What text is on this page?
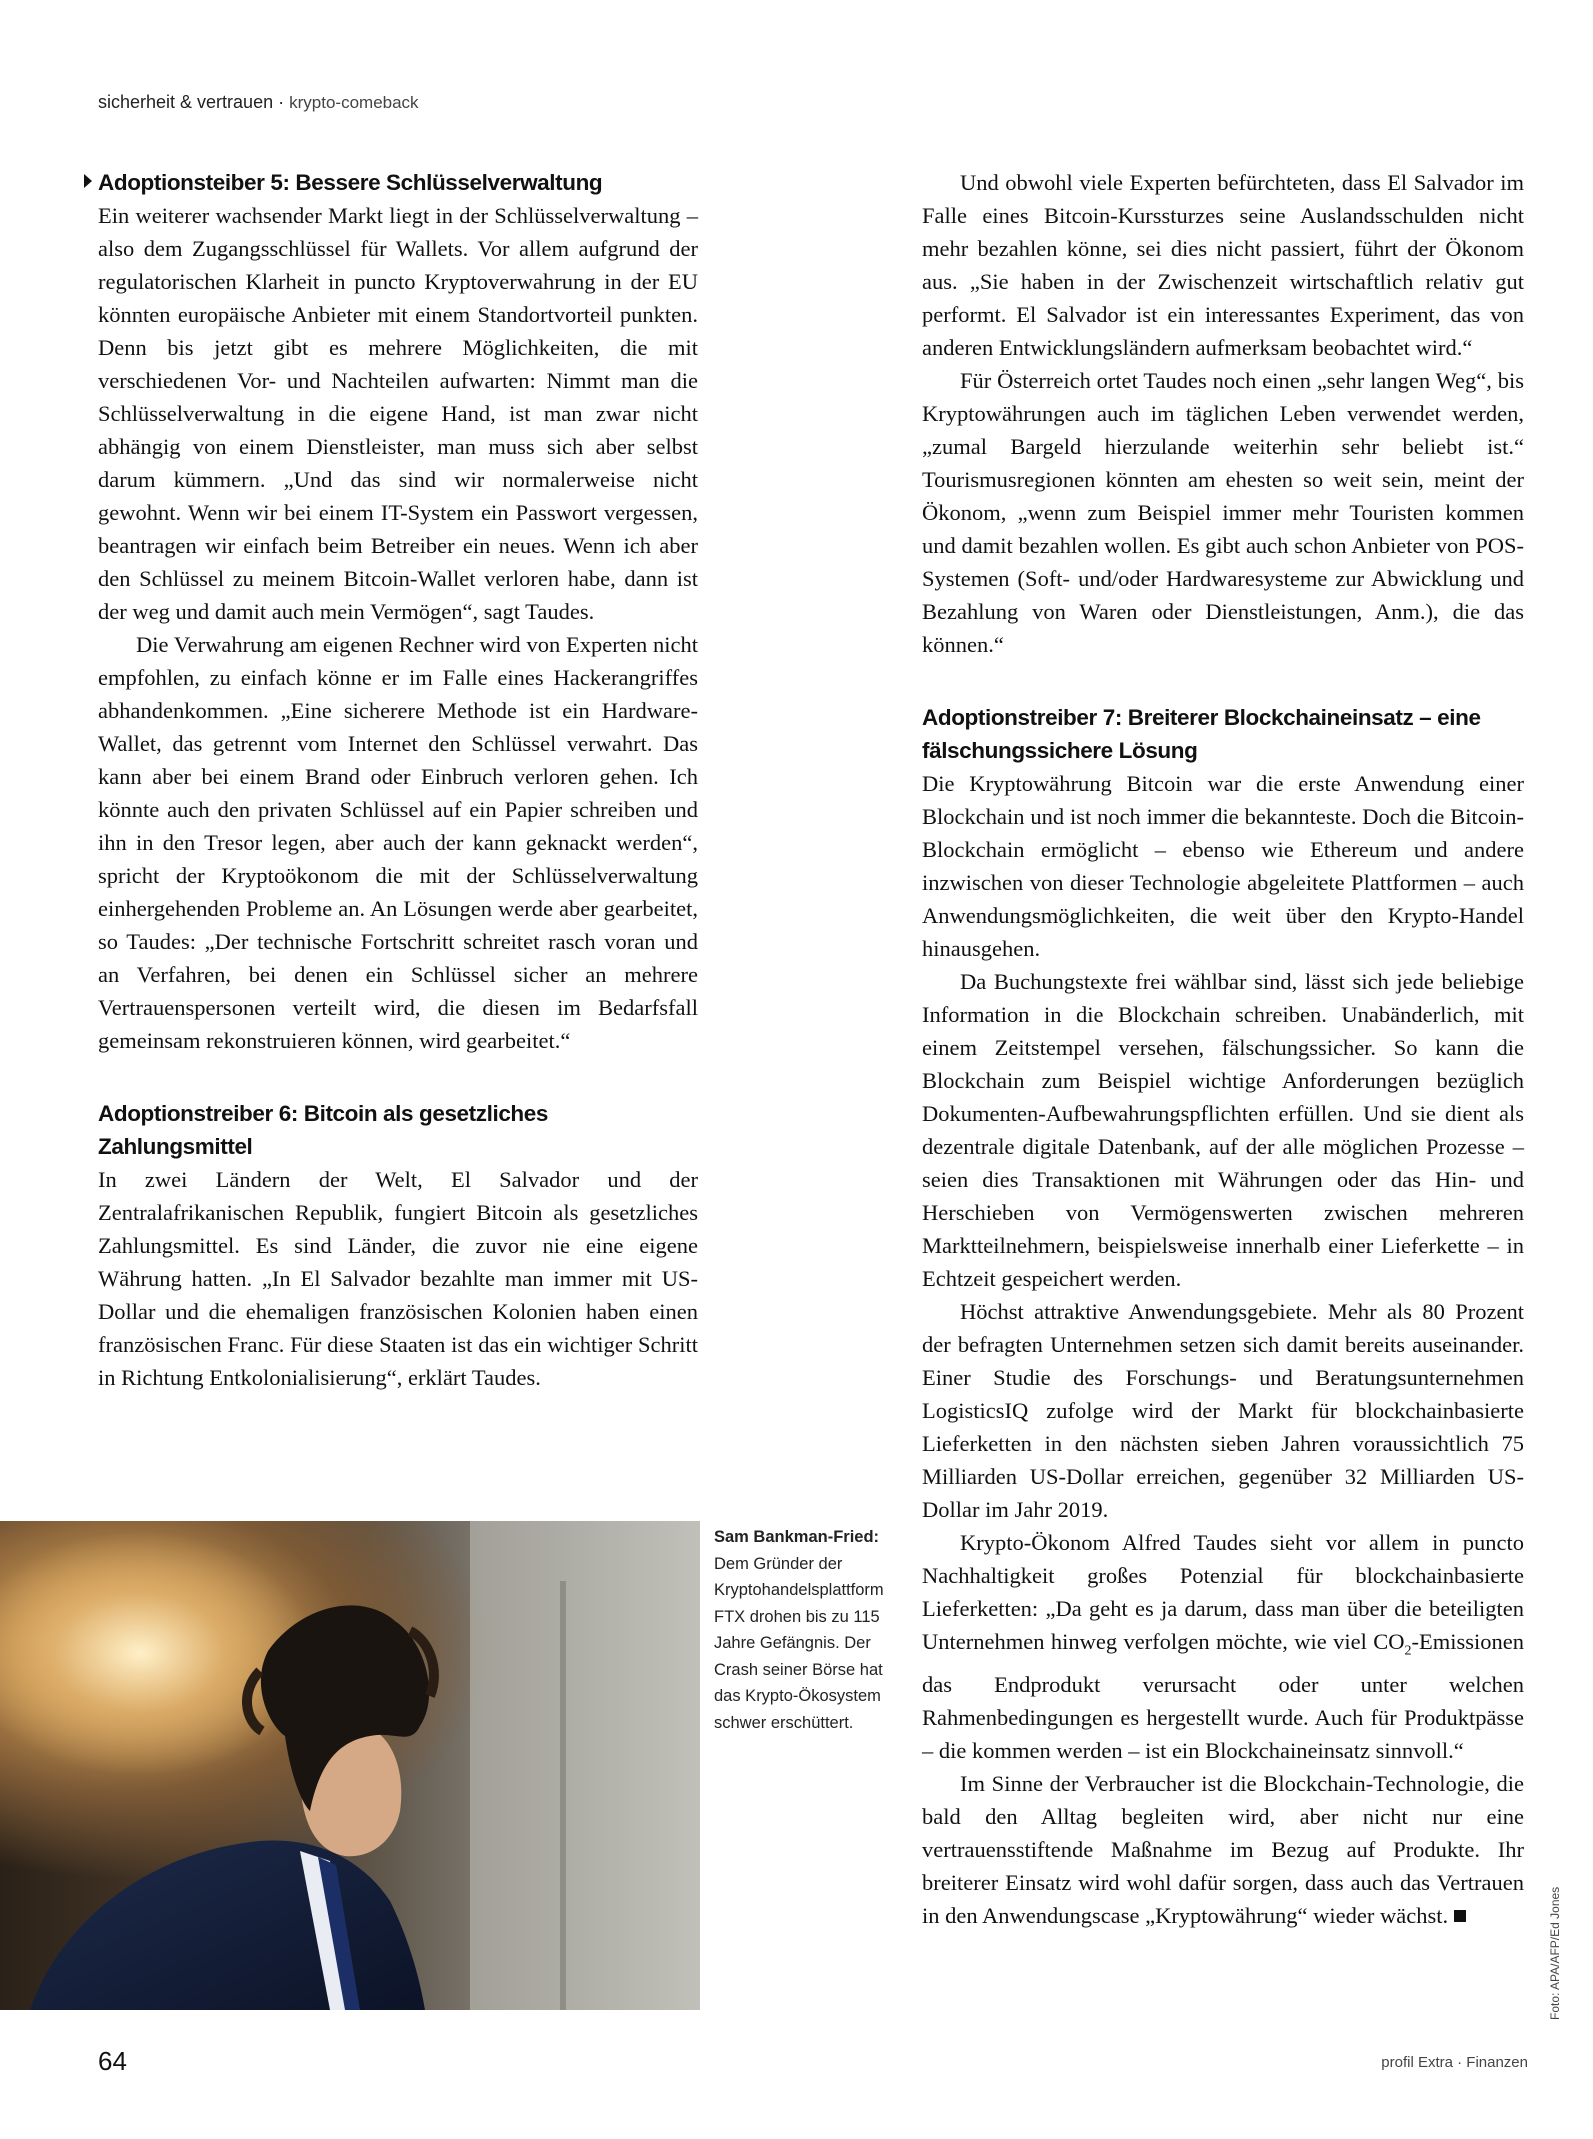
sicherheit & vertrauen · krypto-comeback
Adoptionsteiber 5: Bessere Schlüsselverwaltung

Ein weiterer wachsender Markt liegt in der Schlüsselverwaltung – also dem Zugangsschlüssel für Wallets. Vor allem aufgrund der regulatorischen Klarheit in puncto Kryptoverwahrung in der EU könnten europäische Anbieter mit einem Standortvorteil punkten. Denn bis jetzt gibt es mehrere Möglichkeiten, die mit verschiedenen Vor- und Nachteilen aufwarten: Nimmt man die Schlüsselverwaltung in die eigene Hand, ist man zwar nicht abhängig von einem Dienstleister, man muss sich aber selbst darum kümmern. „Und das sind wir normalerweise nicht gewohnt. Wenn wir bei einem IT-System ein Passwort vergessen, beantragen wir einfach beim Betreiber ein neues. Wenn ich aber den Schlüssel zu meinem Bitcoin-Wallet verloren habe, dann ist der weg und damit auch mein Vermögen“, sagt Taudes.

Die Verwahrung am eigenen Rechner wird von Experten nicht empfohlen, zu einfach könne er im Falle eines Hackerangriffes abhandenkommen. „Eine sicherere Methode ist ein Hardware-Wallet, das getrennt vom Internet den Schlüssel verwahrt. Das kann aber bei einem Brand oder Einbruch verloren gehen. Ich könnte auch den privaten Schlüssel auf ein Papier schreiben und ihn in den Tresor legen, aber auch der kann geknackt werden“, spricht der Kryptoökonom die mit der Schlüsselverwaltung einhergehenden Probleme an. An Lösungen werde aber gearbeitet, so Taudes: „Der technische Fortschritt schreitet rasch voran und an Verfahren, bei denen ein Schlüssel sicher an mehrere Vertrauenspersonen verteilt wird, die diesen im Bedarfsfall gemeinsam rekonstruieren können, wird gearbeitet.“

Adoptionstreiber 6: Bitcoin als gesetzliches Zahlungsmittel

In zwei Ländern der Welt, El Salvador und der Zentralafrikanischen Republik, fungiert Bitcoin als gesetzliches Zahlungsmittel. Es sind Länder, die zuvor nie eine eigene Währung hatten. „In El Salvador bezahlte man immer mit US-Dollar und die ehemaligen französischen Kolonien haben einen französischen Franc. Für diese Staaten ist das ein wichtiger Schritt in Richtung Entkolonialisierung“, erklärt Taudes.

Und obwohl viele Experten befürchteten, dass El Salvador im Falle eines Bitcoin-Kurssturzes seine Auslandsschulden nicht mehr bezahlen könne, sei dies nicht passiert, führt der Ökonom aus. „Sie haben in der Zwischenzeit wirtschaftlich relativ gut performt. El Salvador ist ein interessantes Experiment, das von anderen Entwicklungsländern aufmerksam beobachtet wird.“

Für Österreich ortet Taudes noch einen „sehr langen Weg“, bis Kryptowährungen auch im täglichen Leben verwendet werden, „zumal Bargeld hierzulande weiterhin sehr beliebt ist.“ Tourismusregionen könnten am ehesten so weit sein, meint der Ökonom, „wenn zum Beispiel immer mehr Touristen kommen und damit bezahlen wollen. Es gibt auch schon Anbieter von POS-Systemen (Soft- und/oder Hardwaresysteme zur Abwicklung und Bezahlung von Waren oder Dienstleistungen, Anm.), die das können.“

Adoptionstreiber 7: Breiterer Blockchaineinsatz – eine fälschungssichere Lösung

Die Kryptowährung Bitcoin war die erste Anwendung einer Blockchain und ist noch immer die bekannteste. Doch die Bitcoin-Blockchain ermöglicht – ebenso wie Ethereum und andere inzwischen von dieser Technologie abgeleitete Plattformen – auch Anwendungsmöglichkeiten, die weit über den Krypto-Handel hinausgehen.

Da Buchungstexte frei wählbar sind, lässt sich jede beliebige Information in die Blockchain schreiben. Unabänderlich, mit einem Zeitstempel versehen, fälschungssicher. So kann die Blockchain zum Beispiel wichtige Anforderungen bezüglich Dokumenten-Aufbewahrungspflichten erfüllen. Und sie dient als dezentrale digitale Datenbank, auf der alle möglichen Prozesse – seien dies Transaktionen mit Währungen oder das Hin- und Herschieben von Vermögenswerten zwischen mehreren Marktteilnehmern, beispielsweise innerhalb einer Lieferkette – in Echtzeit gespeichert werden.

Höchst attraktive Anwendungsgebiete. Mehr als 80 Prozent der befragten Unternehmen setzen sich damit bereits auseinander. Einer Studie des Forschungs- und Beratungsunternehmen LogisticsIQ zufolge wird der Markt für blockchainbasierte Lieferketten in den nächsten sieben Jahren voraussichtlich 75 Milliarden US-Dollar erreichen, gegenüber 32 Milliarden US-Dollar im Jahr 2019.

Krypto-Ökonom Alfred Taudes sieht vor allem in puncto Nachhaltigkeit großes Potenzial für blockchainbasierte Lieferketten: „Da geht es ja darum, dass man über die beteiligten Unternehmen hinweg verfolgen möchte, wie viel $CO_2$-Emissionen das Endprodukt verursacht oder unter welchen Rahmenbedingungen es hergestellt wurde. Auch für Produktpässe – die kommen werden – ist ein Blockchaineinsatz sinnvoll.“

Im Sinne der Verbraucher ist die Blockchain-Technologie, die bald den Alltag begleiten wird, aber nicht nur eine vertrauensstiftende Maßnahme im Bezug auf Produkte. Ihr breiterer Einsatz wird wohl dafür sorgen, dass auch das Vertrauen in den Anwendungscase „Kryptowährung“ wieder wächst.

Sam Bankman-Fried:
Dem Gründer der Kryptohandelsplattform FTX drohen bis zu 115 Jahre Gefängnis. Der Crash seiner Börse hat das Krypto-Ökosystem schwer erschüttert.
Foto: APA/AFP/Ed Jones
64	profil Extra · Finanzen
